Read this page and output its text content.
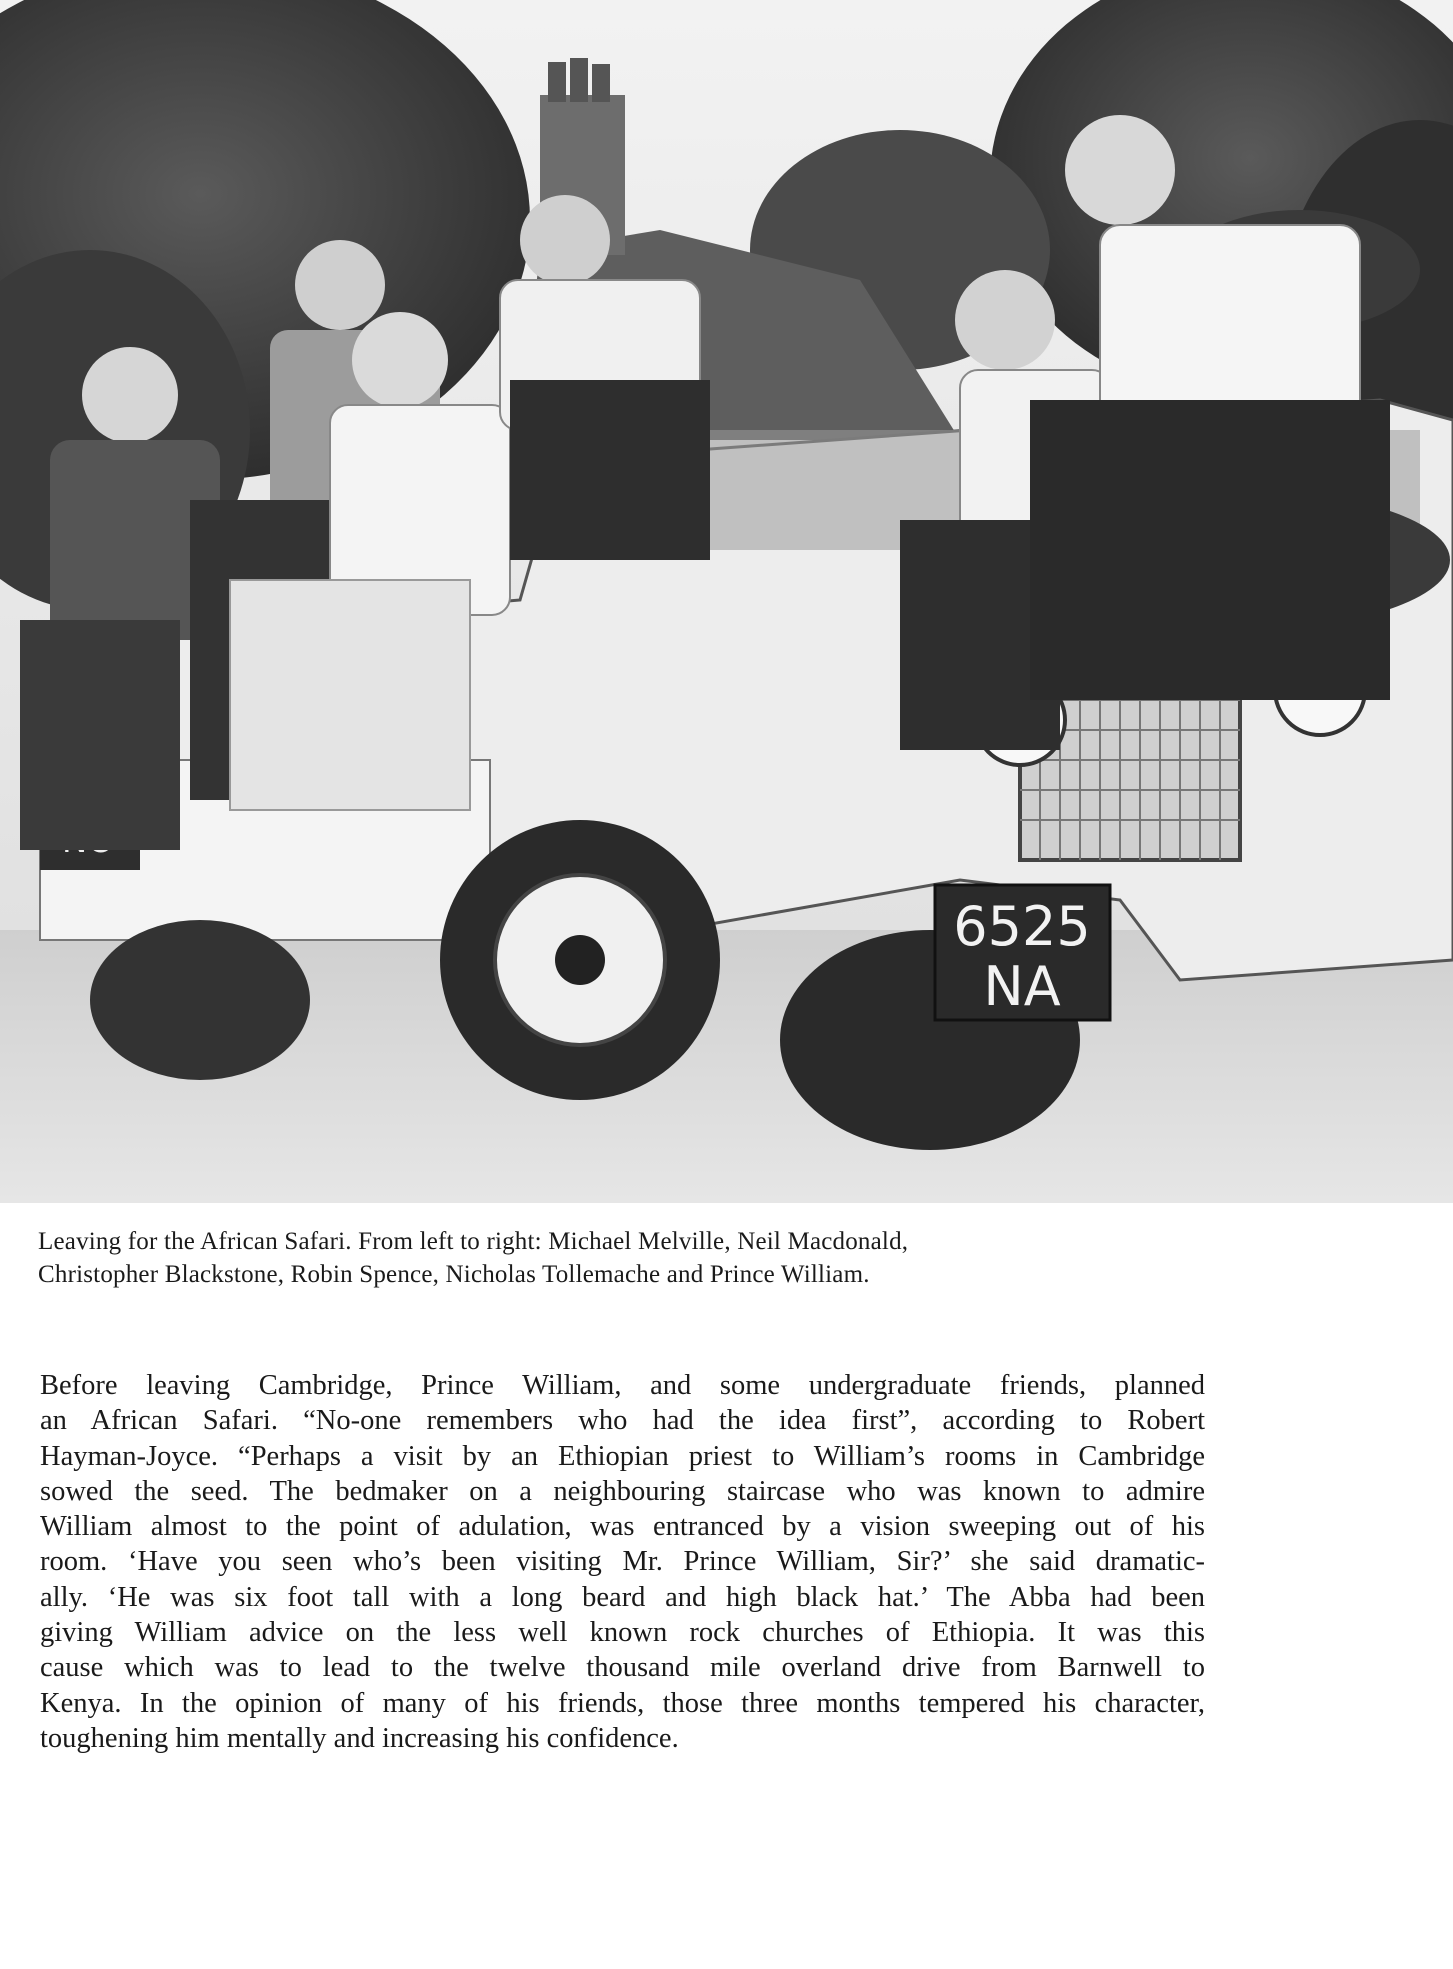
6525
NA

Leaving for the African Safari. From left to right: Michael Melville, Neil Macdonald,

Christopher Blackstone, Robin Spence, Nicholas Tollemache and Prince William.

Before leaving Cambridge, Prince William, and some undergraduate friends, planned
an African Safari. “No-one remembers who had the idea first”, according to Robert
Hayman-Joyce. “Perhaps a visit by an Ethiopian priest to William’s rooms in Cambridge
sowed the seed. The bedmaker on a neighbouring staircase who was known to admire
William almost to the point of adulation, was entranced by a vision sweeping out of his
room. ‘Have you seen who’s been visiting Mr. Prince William, Sir?’ she said dramatic-
ally. ‘He was six foot tall with a long beard and high black hat.’ The Abba had been
giving William advice on the less well known rock churches of Ethiopia. It was this
cause which was to lead to the twelve thousand mile overland drive from Barnwell to
Kenya. In the opinion of many of his friends, those three months tempered his character,
toughening him mentally and increasing his confidence.
